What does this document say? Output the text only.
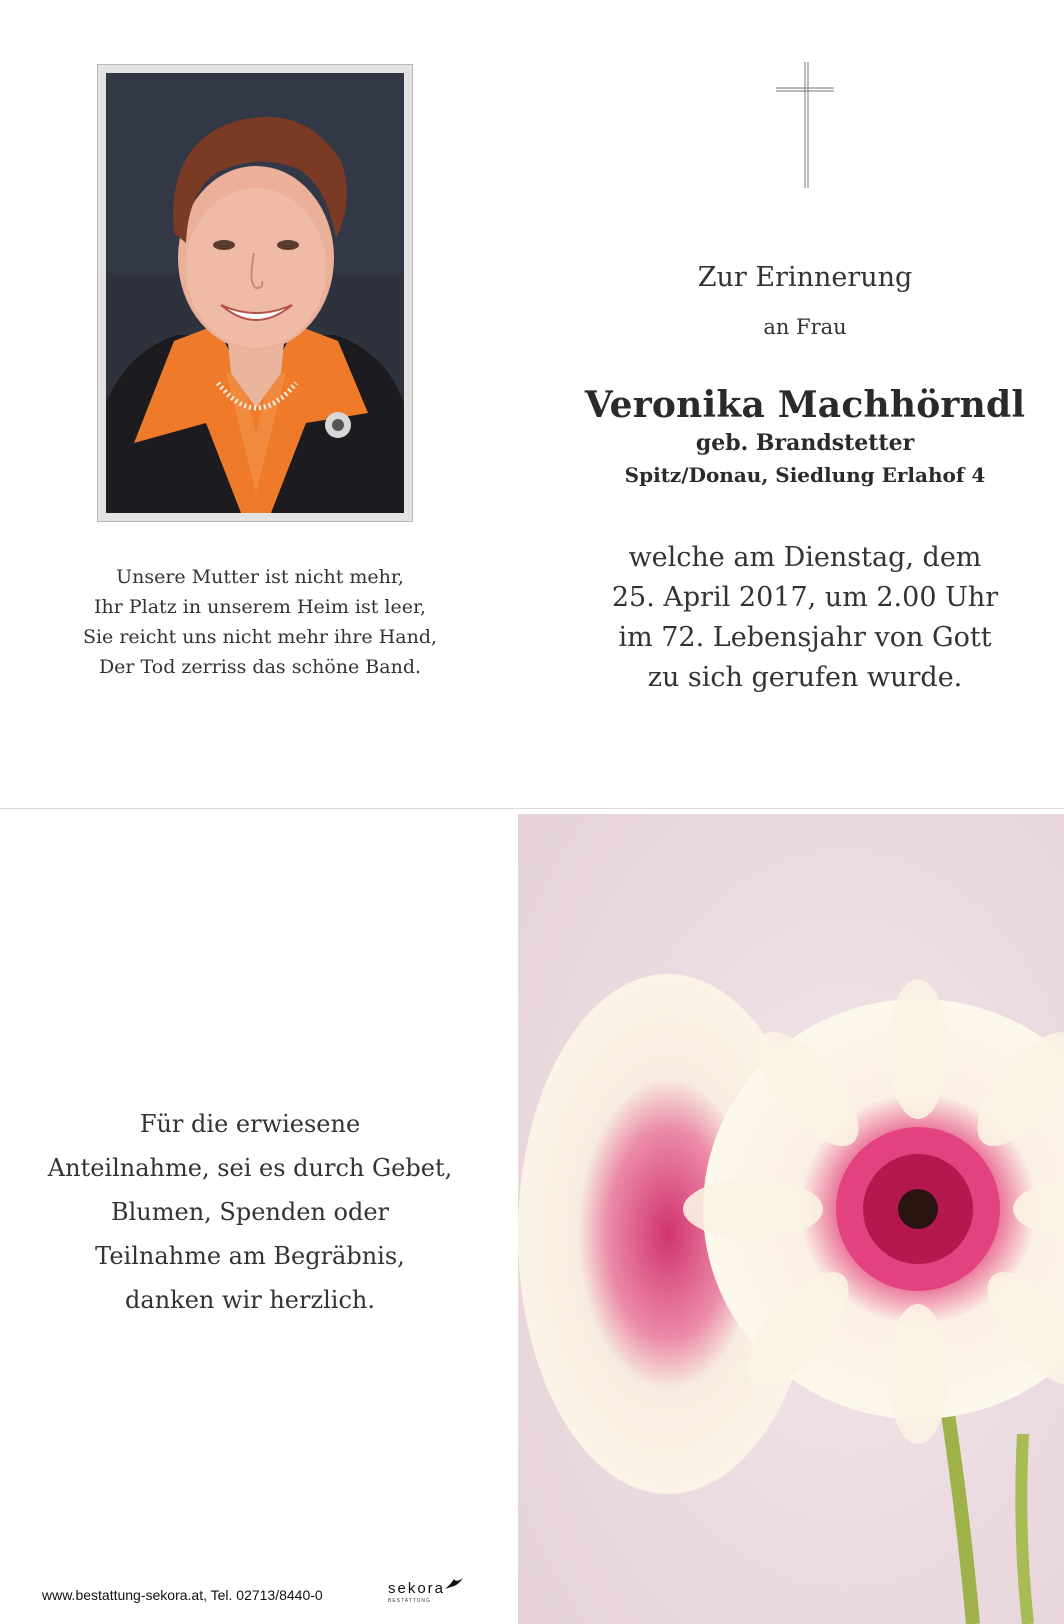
Unsere Mutter ist nicht mehr,
Ihr Platz in unserem Heim ist leer,
Sie reicht uns nicht mehr ihre Hand,
Der Tod zerriss das schöne Band.
Zur Erinnerung
an Frau
Veronika Machhörndl
geb. Brandstetter
Spitz/Donau, Siedlung Erlahof 4
welche am Dienstag, dem
25. April 2017, um 2.00 Uhr
im 72. Lebensjahr von Gott
zu sich gerufen wurde.
Für die erwiesene
Anteilnahme, sei es durch Gebet,
Blumen, Spenden oder
Teilnahme am Begräbnis,
danken wir herzlich.
www.bestattung-sekora.at, Tel. 02713/8440-0	sekora
BESTATTUNG
